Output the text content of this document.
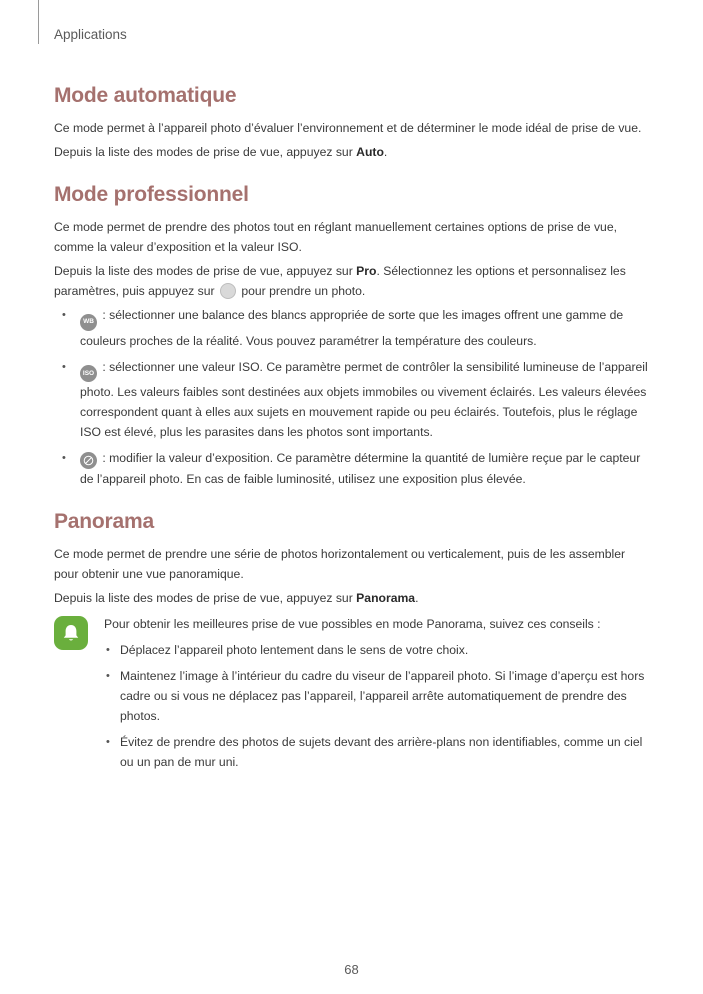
Applications
Mode automatique

Ce mode permet à l’appareil photo d’évaluer l’environnement et de déterminer le mode idéal de prise de vue.

Depuis la liste des modes de prise de vue, appuyez sur Auto.

Mode professionnel

Ce mode permet de prendre des photos tout en réglant manuellement certaines options de prise de vue, comme la valeur d’exposition et la valeur ISO.

Depuis la liste des modes de prise de vue, appuyez sur Pro. Sélectionnez les options et personnalisez les paramètres, puis appuyez sur  pour prendre un photo.

• WB : sélectionner une balance des blancs appropriée de sorte que les images offrent une gamme de couleurs proches de la réalité. Vous pouvez paramétrer la température des couleurs.
• ISO : sélectionner une valeur ISO. Ce paramètre permet de contrôler la sensibilité lumineuse de l’appareil photo. Les valeurs faibles sont destinées aux objets immobiles ou vivement éclairés. Les valeurs élevées correspondent quant à elles aux sujets en mouvement rapide ou peu éclairés. Toutefois, plus le réglage ISO est élevé, plus les parasites dans les photos sont importants.
• : modifier la valeur d’exposition. Ce paramètre détermine la quantité de lumière reçue par le capteur de l’appareil photo. En cas de faible luminosité, utilisez une exposition plus élevée.
Panorama

Ce mode permet de prendre une série de photos horizontalement ou verticalement, puis de les assembler pour obtenir une vue panoramique.

Depuis la liste des modes de prise de vue, appuyez sur Panorama.

Pour obtenir les meilleures prise de vue possibles en mode Panorama, suivez ces conseils :

• Déplacez l’appareil photo lentement dans le sens de votre choix.
• Maintenez l’image à l’intérieur du cadre du viseur de l’appareil photo. Si l’image d’aperçu est hors cadre ou si vous ne déplacez pas l’appareil, l’appareil arrête automatiquement de prendre des photos.
• Évitez de prendre des photos de sujets devant des arrière-plans non identifiables, comme un ciel ou un pan de mur uni.
68
